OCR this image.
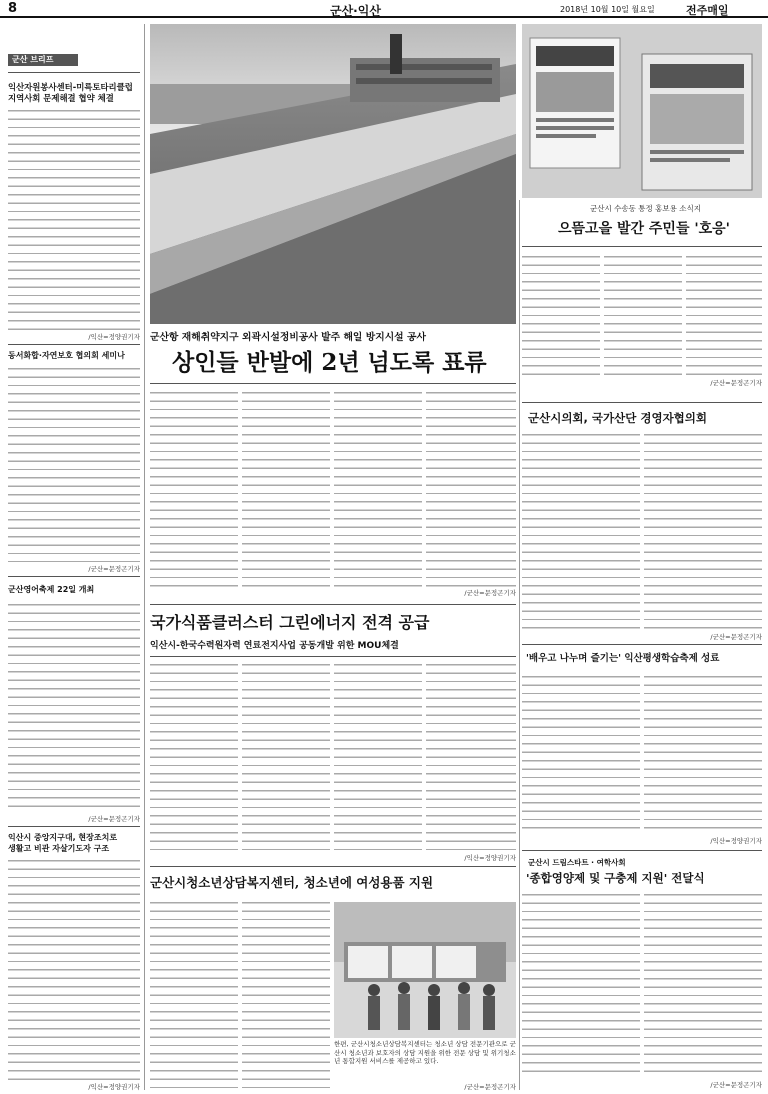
8	군산·익산	2018년 10월 10일 월요일	전주매일
군산 브리프
익산자원봉사센터-미륵토타리클럽
지역사회 문제해결 협약 체결
/익산=정양권기자
동서화합·자연보호 협의회 세미나
/군산=문정곤기자
군산영어축제 22일 개최
/군산=문정곤기자
익산시 중앙지구대, 현장조치로
생활고 비관 자살기도자 구조
/익산=정양권기자
군산시 수송동 통정 홍보용 소식지
으뜸고을 발간 주민들 '호응'
/군산=문정곤기자
군산항 재해취약지구 외곽시설정비공사 발주 해일 방지시설 공사
상인들 반발에 2년 넘도록 표류
/군산=문정곤기자
군산시의회, 국가산단 경영자협의회
/군산=문정곤기자
'배우고 나누며 즐기는' 익산평생학습축제 성료
/익산=정양권기자
국가식품클러스터 그린에너지 전격 공급
익산시-한국수력원자력 연료전지사업 공동개발 위한 MOU체결
/익산=정양권기자
군산시청소년상담복지센터, 청소년에 여성용품 지원
한편, 군산시청소년상담복지센터는 청소년 상담 전문기관으로 군산시 청소년과 보호자의 상담 지원을 위한 전문 상담 및 위기청소년 통합지원 서비스를 제공하고 있다.
/군산=문정곤기자
군산시 드림스타트 · 여학사회
'종합영양제 및 구충제 지원' 전달식
/군산=문정곤기자
